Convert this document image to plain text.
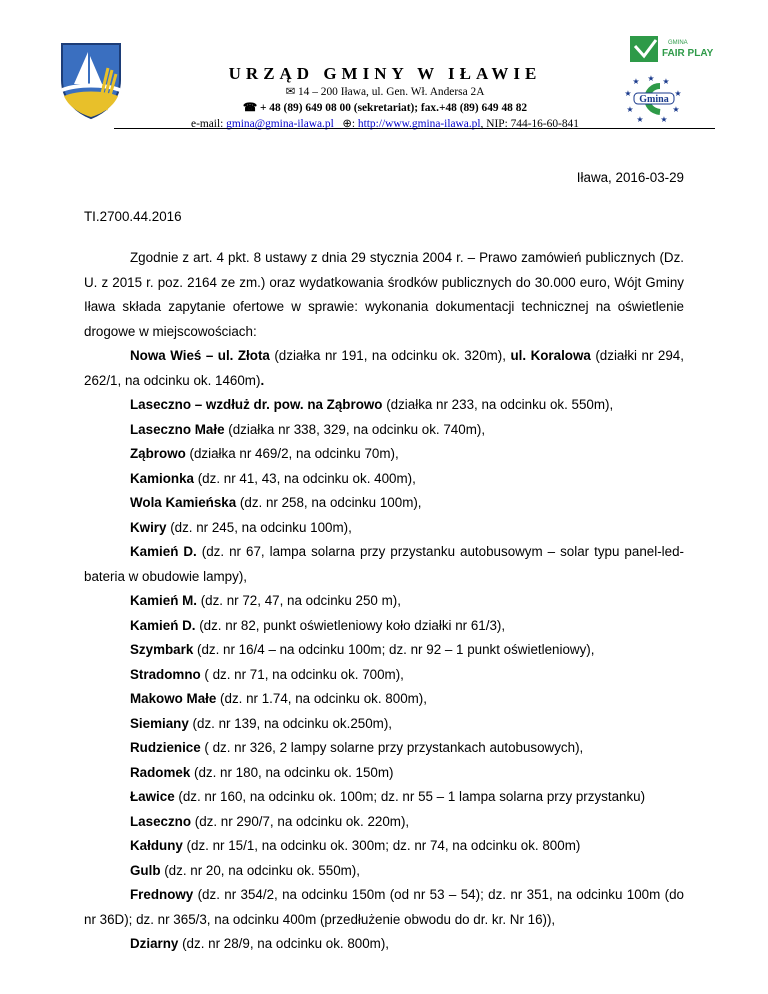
GMINA
FAIR PLAY
★ ★
★
★	★
★	★
★ ★
Gmina
URZĄD GMINY W IŁAWIE
✉ 14 – 200 Iława, ul. Gen. Wł. Andersa 2A
☎ + 48 (89) 649 08 00 (sekretariat); fax.+48 (89) 649 48 82
e-mail: gmina@gmina-ilawa.pl   ⊕: http://www.gmina-ilawa.pl, NIP: 744-16-60-841
Iława, 2016-03-29
TI.2700.44.2016

Zgodnie z art. 4 pkt. 8 ustawy z dnia 29 stycznia 2004 r. – Prawo zamówień publicznych (Dz. U. z 2015 r. poz. 2164 ze zm.) oraz wydatkowania środków publicznych do 30.000 euro, Wójt Gminy Iława składa zapytanie ofertowe w sprawie: wykonania dokumentacji technicznej na oświetlenie drogowe w miejscowościach:

Nowa Wieś – ul. Złota (działka nr 191, na odcinku ok. 320m), ul. Koralowa (działki nr 294, 262/1, na odcinku ok. 1460m).

Laseczno – wzdłuż dr. pow. na Ząbrowo (działka nr 233, na odcinku ok. 550m),

Laseczno Małe (działka nr 338, 329, na odcinku ok. 740m),

Ząbrowo (działka nr 469/2, na odcinku 70m),

Kamionka (dz. nr 41, 43, na odcinku ok. 400m),

Wola Kamieńska (dz. nr 258, na odcinku 100m),

Kwiry (dz. nr 245, na odcinku 100m),

Kamień D. (dz. nr 67, lampa solarna przy przystanku autobusowym – solar typu panel-led-bateria w obudowie lampy),

Kamień M. (dz. nr 72, 47, na odcinku 250 m),

Kamień D. (dz. nr 82, punkt oświetleniowy koło działki nr 61/3),

Szymbark (dz. nr 16/4 – na odcinku 100m; dz. nr 92 – 1 punkt oświetleniowy),

Stradomno ( dz. nr 71, na odcinku ok. 700m),

Makowo Małe (dz. nr 1.74, na odcinku ok. 800m),

Siemiany (dz. nr 139, na odcinku ok.250m),

Rudzienice ( dz. nr 326, 2 lampy solarne przy przystankach autobusowych),

Radomek (dz. nr 180, na odcinku ok. 150m)

Ławice (dz. nr 160, na odcinku ok. 100m; dz. nr 55 – 1 lampa solarna przy przystanku)

Laseczno (dz. nr 290/7, na odcinku ok. 220m),

Kałduny (dz. nr 15/1, na odcinku ok. 300m; dz. nr 74, na odcinku ok. 800m)

Gulb (dz. nr 20, na odcinku ok. 550m),

Frednowy (dz. nr 354/2, na odcinku 150m (od nr 53 – 54); dz. nr 351, na odcinku 100m (do nr 36D); dz. nr 365/3, na odcinku 400m (przedłużenie obwodu do dr. kr. Nr 16)),

Dziarny (dz. nr 28/9, na odcinku ok. 800m),
